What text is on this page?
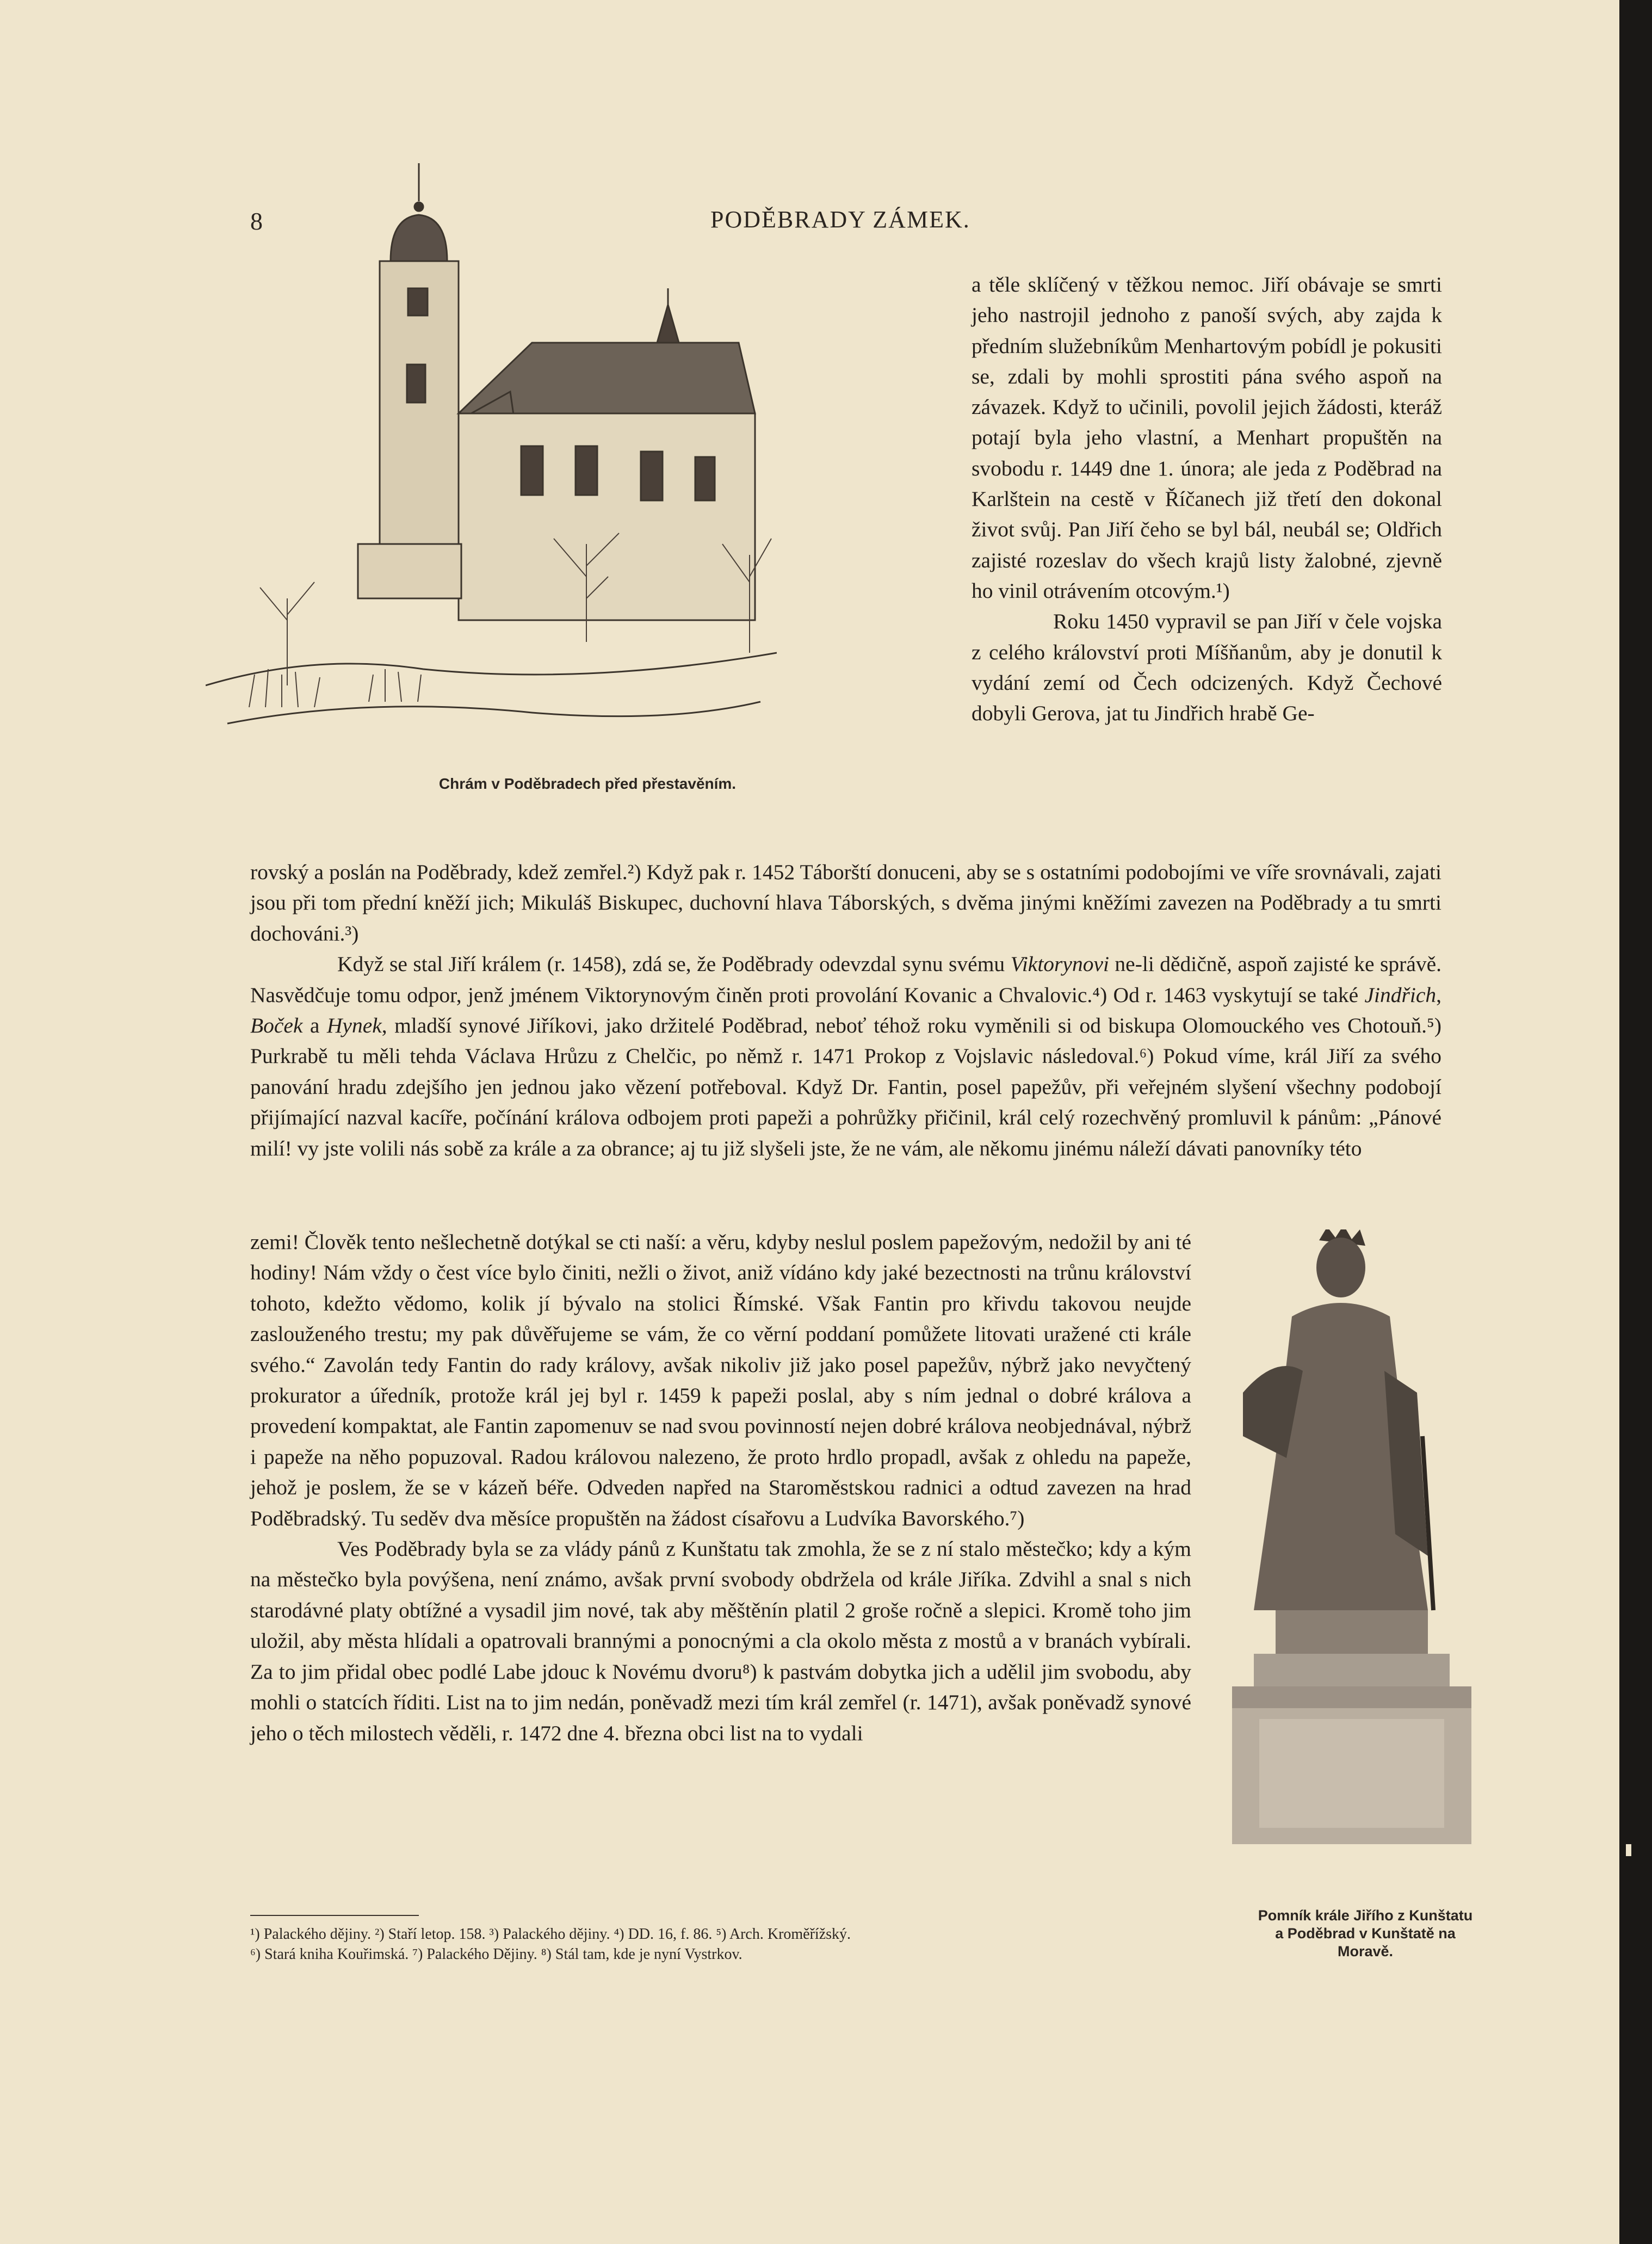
8	PODĚBRADY ZÁMEK.
Chrám v Poděbradech před přestavěním.

a těle sklíčený v těžkou nemoc. Jiří obávaje se smrti jeho nastrojil jednoho z panoší svých, aby zajda k předním služebníkům Menhartovým pobídl je pokusiti se, zdali by mohli sprostiti pána svého aspoň na závazek. Když to učinili, povolil jejich žádosti, kteráž potají byla jeho vlastní, a Menhart propuštěn na svobodu r. 1449 dne 1. února; ale jeda z Poděbrad na Karlštein na cestě v Říčanech již třetí den dokonal život svůj. Pan Jiří čeho se byl bál, neubál se; Oldřich zajisté rozeslav do všech krajů listy žalobné, zjevně ho vinil otrávením otcovým.¹)

Roku 1450 vypravil se pan Jiří v čele vojska z celého království proti Míšňanům, aby je donutil k vydání zemí od Čech odcizených. Když Čechové dobyli Gerova, jat tu Jindřich hrabě Ge-

rovský a poslán na Poděbrady, kdež zemřel.²) Když pak r. 1452 Táborští donuceni, aby se s ostatními podobojími ve víře srovnávali, zajati jsou při tom přední kněží jich; Mikuláš Biskupec, duchovní hlava Táborských, s dvěma jinými kněžími zavezen na Poděbrady a tu smrti dochováni.³)

Když se stal Jiří králem (r. 1458), zdá se, že Poděbrady odevzdal synu svému Viktorynovi ne-li dědičně, aspoň zajisté ke správě. Nasvědčuje tomu odpor, jenž jménem Viktorynovým činěn proti provolání Kovanic a Chvalovic.⁴) Od r. 1463 vyskytují se také Jindřich, Boček a Hynek, mladší synové Jiříkovi, jako držitelé Poděbrad, neboť téhož roku vyměnili si od biskupa Olomouckého ves Chotouň.⁵) Purkrabě tu měli tehda Václava Hrůzu z Chelčic, po němž r. 1471 Prokop z Vojslavic následoval.⁶) Pokud víme, král Jiří za svého panování hradu zdejšího jen jednou jako vězení potřeboval. Když Dr. Fantin, posel papežův, při veřejném slyšení všechny podobojí přijímající nazval kacíře, počínání králova odbojem proti papeži a pohrůžky přičinil, král celý rozechvěný promluvil k pánům: „Pánové milí! vy jste volili nás sobě za krále a za obrance; aj tu již slyšeli jste, že ne vám, ale někomu jinému náleží dávati panovníky této

zemi! Člověk tento nešlechetně dotýkal se cti naší: a věru, kdyby neslul poslem papežovým, nedožil by ani té hodiny! Nám vždy o čest více bylo činiti, nežli o život, aniž vídáno kdy jaké bezectnosti na trůnu království tohoto, kdežto vědomo, kolik jí bývalo na stolici Římské. Však Fantin pro křivdu takovou neujde zaslouženého trestu; my pak důvěřujeme se vám, že co věrní poddaní pomůžete litovati uražené cti krále svého.“ Zavolán tedy Fantin do rady královy, avšak nikoliv již jako posel papežův, nýbrž jako nevyčtený prokurator a úředník, protože král jej byl r. 1459 k papeži poslal, aby s ním jednal o dobré králova a provedení kompaktat, ale Fantin zapomenuv se nad svou povinností nejen dobré králova neobjednával, nýbrž i papeže na něho popuzoval. Radou královou nalezeno, že proto hrdlo propadl, avšak z ohledu na papeže, jehož je poslem, že se v kázeň béře. Odveden napřed na Staroměstskou radnici a odtud zavezen na hrad Poděbradský. Tu seděv dva měsíce propuštěn na žádost císařovu a Ludvíka Bavorského.⁷)

Ves Poděbrady byla se za vlády pánů z Kunštatu tak zmohla, že se z ní stalo městečko; kdy a kým na městečko byla povýšena, není známo, avšak první svobody obdržela od krále Jiříka. Zdvihl a snal s nich starodávné platy obtížné a vysadil jim nové, tak aby měštěnín platil 2 groše ročně a slepici. Kromě toho jim uložil, aby města hlídali a opatrovali brannými a ponocnými a cla okolo města z mostů a v branách vybírali. Za to jim přidal obec podlé Labe jdouc k Novému dvoru⁸) k pastvám dobytka jich a udělil jim svobodu, aby mohli o statcích říditi. List na to jim nedán, poněvadž mezi tím král zemřel (r. 1471), avšak poněvadž synové jeho o těch milostech věděli, r. 1472 dne 4. března obci list na to vydali

Pomník krále Jiřího z Kunštatu
a Poděbrad v Kunštatě na
Moravě.
¹) Palackého dějiny. ²) Staří letop. 158. ³) Palackého dějiny. ⁴) DD. 16, f. 86. ⁵) Arch. Kroměřížský.
⁶) Stará kniha Kouřimská. ⁷) Palackého Dějiny. ⁸) Stál tam, kde je nyní Vystrkov.
